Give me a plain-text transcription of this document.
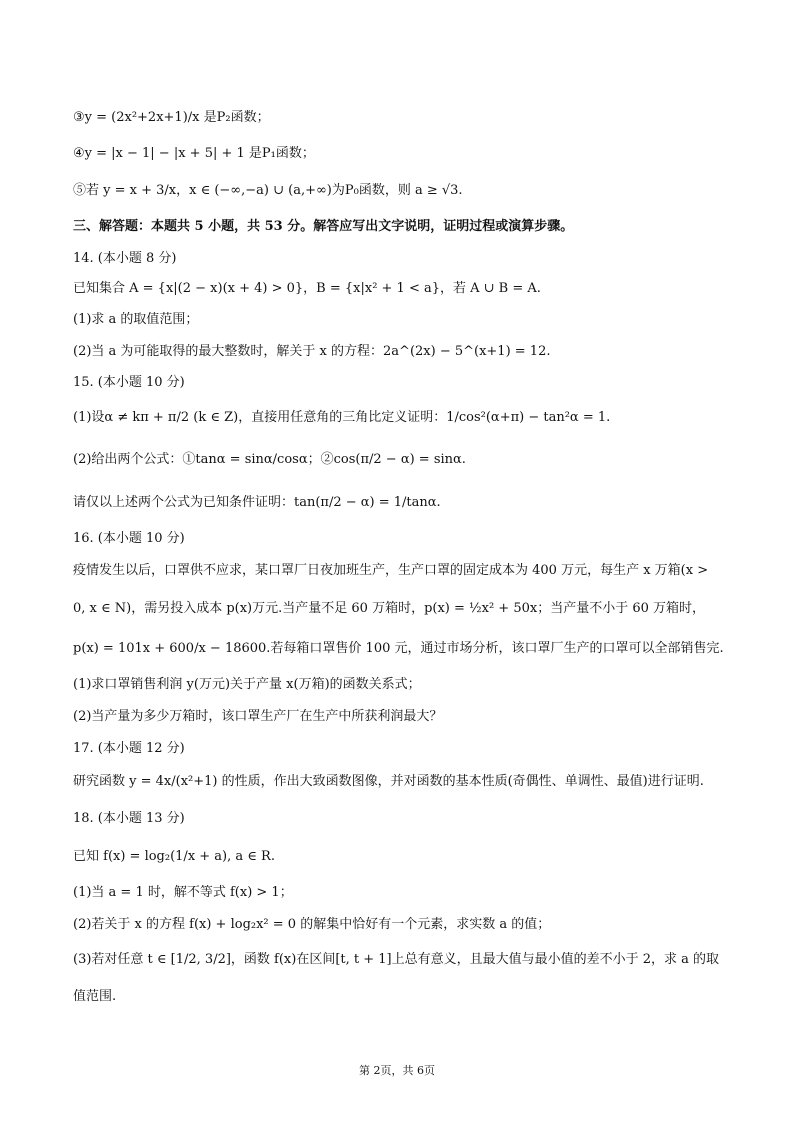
③y = (2x²+2x+1)/x 是P₂函数；
④y = |x − 1| − |x + 5| + 1 是P₁函数；
⑤若 y = x + 3/x，x ∈ (−∞,−a) ∪ (a,+∞)为P₀函数，则 a ≥ √3.
三、解答题：本题共 5 小题，共 53 分。解答应写出文字说明，证明过程或演算步骤。
14. (本小题 8 分)
已知集合 A = {x|(2 − x)(x + 4) > 0}，B = {x|x² + 1 < a}，若 A ∪ B = A.
(1)求 a 的取值范围；
(2)当 a 为可能取得的最大整数时，解关于 x 的方程：2a^(2x) − 5^(x+1) = 12.
15. (本小题 10 分)
(1)设α ≠ kπ + π/2 (k ∈ Z)，直接用任意角的三角比定义证明：1/cos²(α+π) − tan²α = 1.
(2)给出两个公式：①tanα = sinα/cosα；②cos(π/2 − α) = sinα.
请仅以上述两个公式为已知条件证明：tan(π/2 − α) = 1/tanα.
16. (本小题 10 分)
疫情发生以后，口罩供不应求，某口罩厂日夜加班生产，生产口罩的固定成本为 400 万元，每生产 x 万箱(x >
0, x ∈ N)，需另投入成本 p(x)万元.当产量不足 60 万箱时，p(x) = ½x² + 50x；当产量不小于 60 万箱时，
p(x) = 101x + 600/x − 18600.若每箱口罩售价 100 元，通过市场分析，该口罩厂生产的口罩可以全部销售完.
(1)求口罩销售利润 y(万元)关于产量 x(万箱)的函数关系式；
(2)当产量为多少万箱时，该口罩生产厂在生产中所获利润最大？
17. (本小题 12 分)
研究函数 y = 4x/(x²+1) 的性质，作出大致函数图像，并对函数的基本性质(奇偶性、单调性、最值)进行证明.
18. (本小题 13 分)
已知 f(x) = log₂(1/x + a), a ∈ R.
(1)当 a = 1 时，解不等式 f(x) > 1；
(2)若关于 x 的方程 f(x) + log₂x² = 0 的解集中恰好有一个元素，求实数 a 的值；
(3)若对任意 t ∈ [1/2, 3/2]，函数 f(x)在区间[t, t + 1]上总有意义，且最大值与最小值的差不小于 2，求 a 的取
值范围.
第 2页，共 6页
